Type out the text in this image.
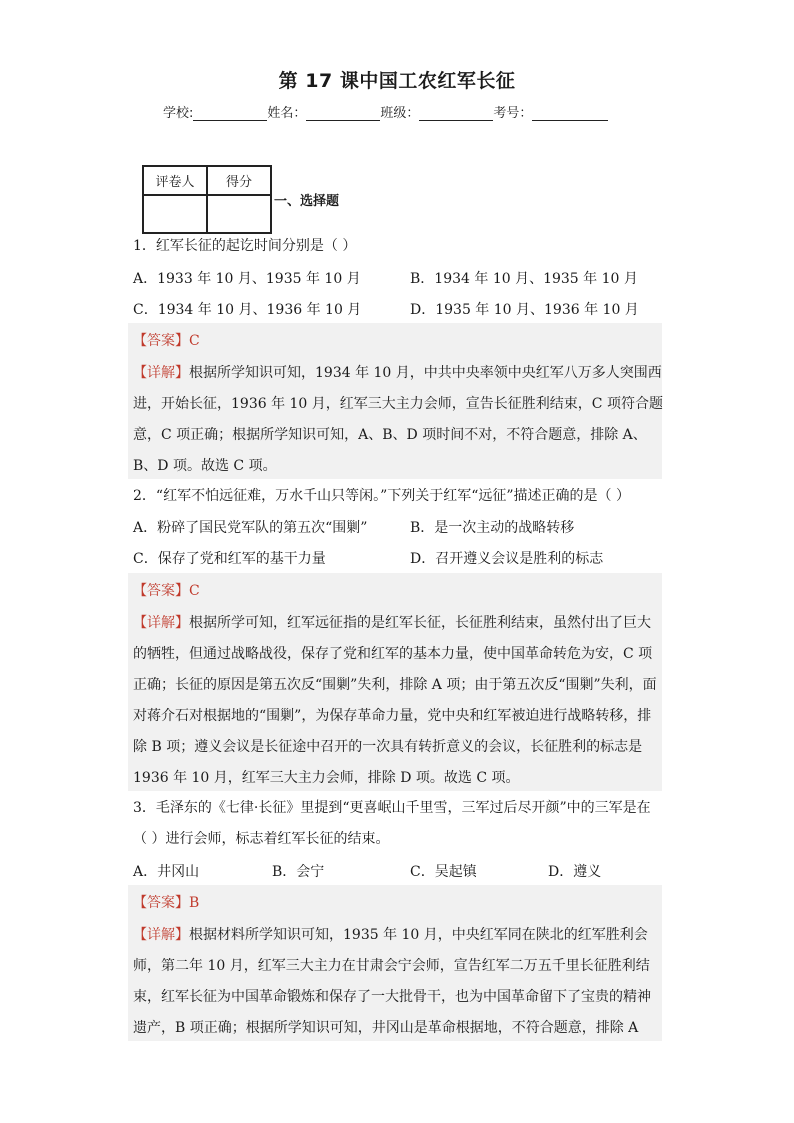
第 17 课中国工农红军长征
学校:	姓名：	班级：	考号：
评卷人	得分

一、选择题
1．红军长征的起讫时间分别是（ ）
A．1933 年 10 月、1935 年 10 月	B．1934 年 10 月、1935 年 10 月
C．1934 年 10 月、1936 年 10 月	D．1935 年 10 月、1936 年 10 月
【答案】C
【详解】根据所学知识可知，1934 年 10 月，中共中央率领中央红军八万多人突围西
进，开始长征，1936 年 10 月，红军三大主力会师，宣告长征胜利结束，C 项符合题
意，C 项正确；根据所学知识可知，A、B、D 项时间不对，不符合题意，排除 A、
B、D 项。故选 C 项。
2．“红军不怕远征难，万水千山只等闲。”下列关于红军“远征”描述正确的是（ ）
A．粉碎了国民党军队的第五次“围剿”	B．是一次主动的战略转移
C．保存了党和红军的基干力量	D．召开遵义会议是胜利的标志
【答案】C
【详解】根据所学可知，红军远征指的是红军长征，长征胜利结束，虽然付出了巨大
的牺牲，但通过战略战役，保存了党和红军的基本力量，使中国革命转危为安，C 项
正确；长征的原因是第五次反“围剿”失利，排除 A 项；由于第五次反“围剿”失利，面
对蒋介石对根据地的“围剿”，为保存革命力量，党中央和红军被迫进行战略转移，排
除 B 项；遵义会议是长征途中召开的一次具有转折意义的会议，长征胜利的标志是
1936 年 10 月，红军三大主力会师，排除 D 项。故选 C 项。
3．毛泽东的《七律·长征》里提到“更喜岷山千里雪，三军过后尽开颜”中的三军是在
（ ）进行会师，标志着红军长征的结束。
A．井冈山	B．会宁	C．吴起镇	D．遵义
【答案】B
【详解】根据材料所学知识可知，1935 年 10 月，中央红军同在陕北的红军胜利会
师，第二年 10 月，红军三大主力在甘肃会宁会师，宣告红军二万五千里长征胜利结
束，红军长征为中国革命锻炼和保存了一大批骨干，也为中国革命留下了宝贵的精神
遗产，B 项正确；根据所学知识可知，井冈山是革命根据地，不符合题意，排除 A
